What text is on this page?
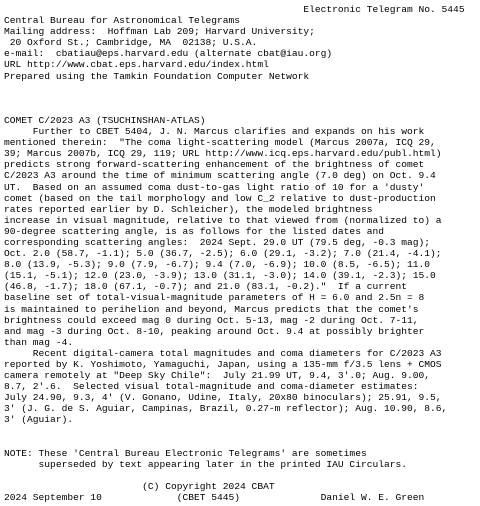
Electronic Telegram No. 5445
Central Bureau for Astronomical Telegrams
Mailing address:  Hoffman Lab 209; Harvard University;
20 Oxford St.; Cambridge, MA  02138; U.S.A.
e-mail:  cbatiau@eps.harvard.edu (alternate cbat@iau.org)
URL http://www.cbat.eps.harvard.edu/index.html
Prepared using the Tamkin Foundation Computer Network
COMET C/2023 A3 (TSUCHINSHAN-ATLAS)
Further to CBET 5404, J. N. Marcus clarifies and expands on his work
mentioned therein:  "The coma light-scattering model (Marcus 2007a, ICQ 29,
39; Marcus 2007b, ICQ 29, 119; URL http://www.icq.eps.harvard.edu/publ.html)
predicts strong forward-scattering enhancement of the brightness of comet
C/2023 A3 around the time of minimum scattering angle (7.0 deg) on Oct. 9.4
UT.  Based on an assumed coma dust-to-gas light ratio of 10 for a 'dusty'
comet (based on the tail morphology and low C_2 relative to dust-production
rates reported earlier by D. Schleicher), the modeled brightness
increase in visual magnitude, relative to that viewed from (normalized to) a
90-degree scattering angle, is as follows for the listed dates and
corresponding scattering angles:  2024 Sept. 29.0 UT (79.5 deg, -0.3 mag);
Oct. 2.0 (58.7, -1.1); 5.0 (36.7, -2.5); 6.0 (29.1, -3.2); 7.0 (21.4, -4.1);
8.0 (13.9, -5.3); 9.0 (7.9, -6.7); 9.4 (7.0, -6.9); 10.0 (8.5, -6.5); 11.0
(15.1, -5.1); 12.0 (23.0, -3.9); 13.0 (31.1, -3.0); 14.0 (39.1, -2.3); 15.0
(46.8, -1.7); 18.0 (67.1, -0.7); and 21.0 (83.1, -0.2)."  If a current
baseline set of total-visual-magnitude parameters of H = 6.0 and 2.5n = 8
is maintained to perihelion and beyond, Marcus predicts that the comet's
brightness could exceed mag 0 during Oct. 5-13, mag -2 during Oct. 7-11,
and mag -3 during Oct. 8-10, peaking around Oct. 9.4 at possibly brighter
than mag -4.
Recent digital-camera total magnitudes and coma diameters for C/2023 A3
reported by K. Yoshimoto, Yamaguchi, Japan, using a 135-mm f/3.5 lens + CMOS
camera remotely at "Deep Sky Chile":  July 21.99 UT, 9.4, 3'.0; Aug. 9.00,
8.7, 2'.6.  Selected visual total-magnitude and coma-diameter estimates:
July 24.90, 9.3, 4' (V. Gonano, Udine, Italy, 20x80 binoculars); 25.91, 9.5,
3' (J. G. de S. Aguiar, Campinas, Brazil, 0.27-m reflector); Aug. 10.90, 8.6,
3' (Aguiar).
NOTE: These 'Central Bureau Electronic Telegrams' are sometimes
superseded by text appearing later in the printed IAU Circulars.
(C) Copyright 2024 CBAT
2024 September 10             (CBET 5445)              Daniel W. E. Green
